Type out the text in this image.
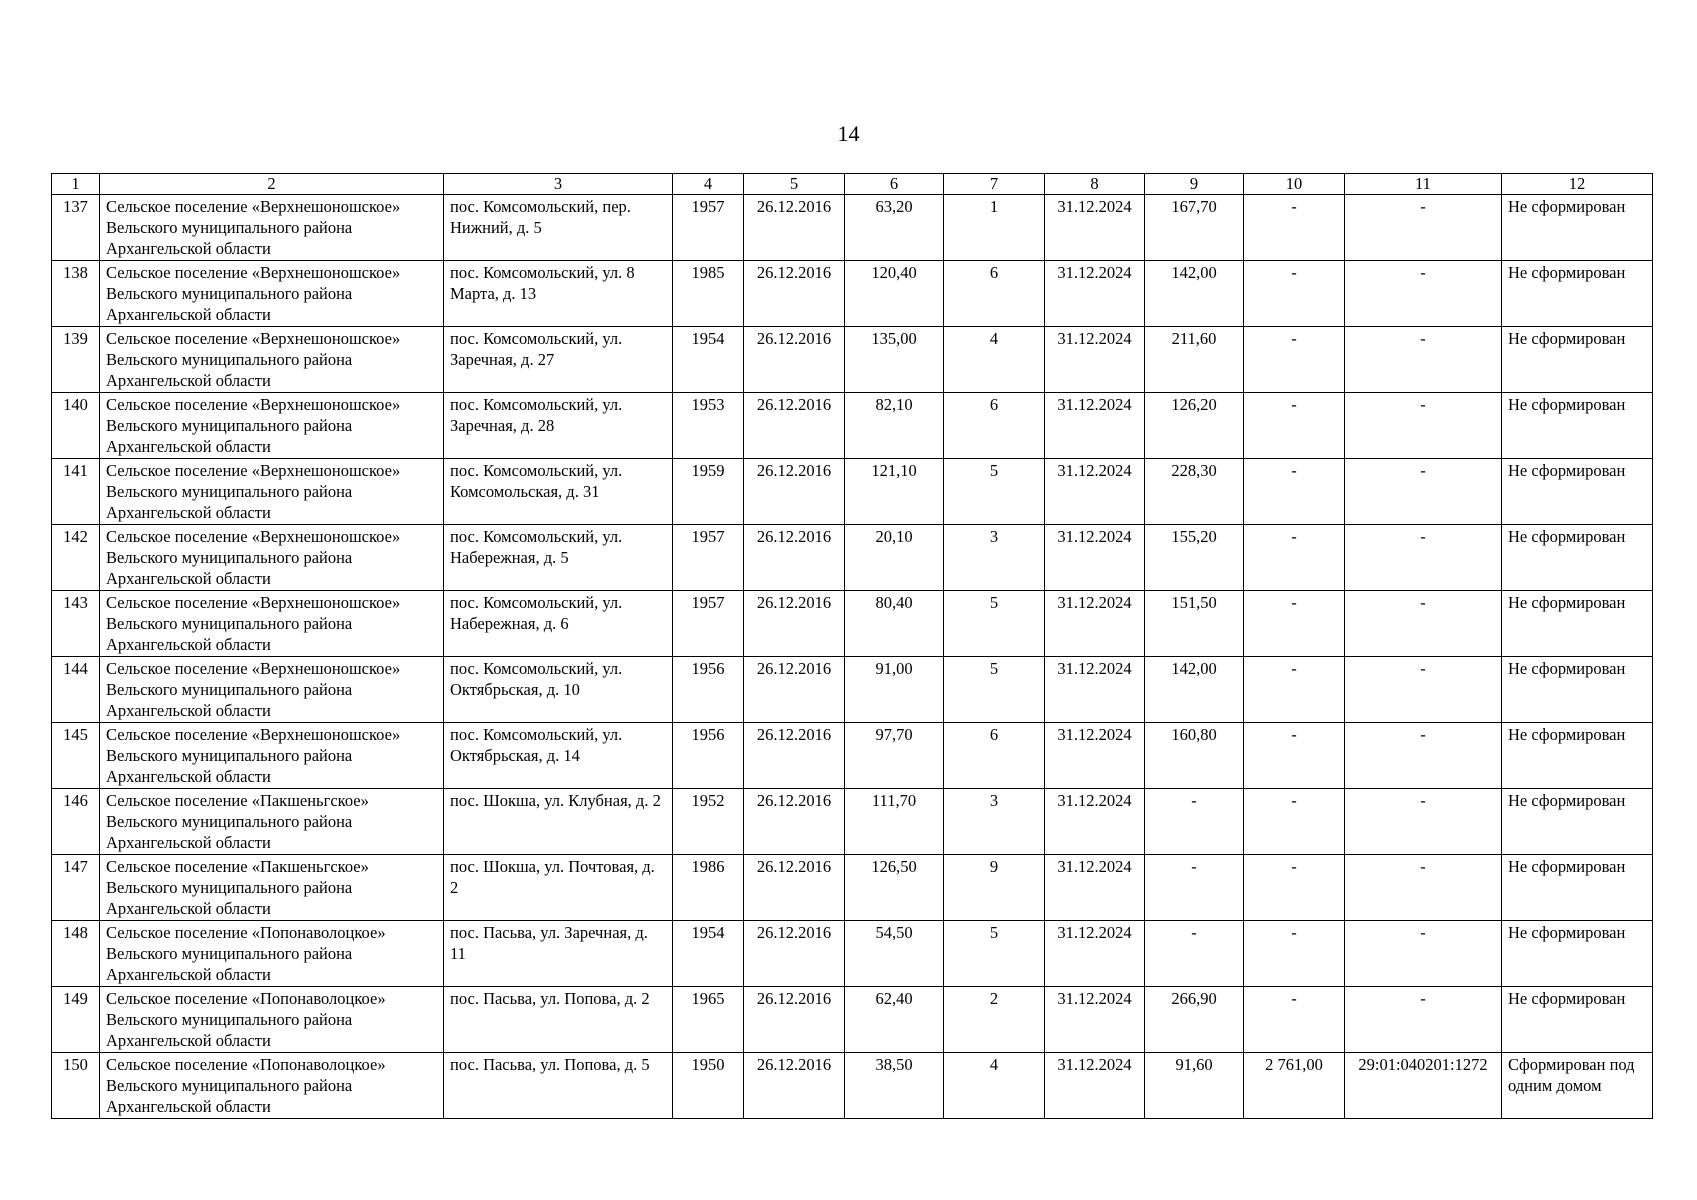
14
1	2	3	4	5	6	7	8	9	10	11	12
137	Сельское поселение «Верхнешоношское» Вельского муниципального района Архангельской области	пос. Комсомольский, пер. Нижний, д. 5	1957	26.12.2016	63,20	1	31.12.2024	167,70	-	-	Не сформирован
138	Сельское поселение «Верхнешоношское» Вельского муниципального района Архангельской области	пос. Комсомольский, ул. 8 Марта, д. 13	1985	26.12.2016	120,40	6	31.12.2024	142,00	-	-	Не сформирован
139	Сельское поселение «Верхнешоношское» Вельского муниципального района Архангельской области	пос. Комсомольский, ул. Заречная, д. 27	1954	26.12.2016	135,00	4	31.12.2024	211,60	-	-	Не сформирован
140	Сельское поселение «Верхнешоношское» Вельского муниципального района Архангельской области	пос. Комсомольский, ул. Заречная, д. 28	1953	26.12.2016	82,10	6	31.12.2024	126,20	-	-	Не сформирован
141	Сельское поселение «Верхнешоношское» Вельского муниципального района Архангельской области	пос. Комсомольский, ул. Комсомольская, д. 31	1959	26.12.2016	121,10	5	31.12.2024	228,30	-	-	Не сформирован
142	Сельское поселение «Верхнешоношское» Вельского муниципального района Архангельской области	пос. Комсомольский, ул. Набережная, д. 5	1957	26.12.2016	20,10	3	31.12.2024	155,20	-	-	Не сформирован
143	Сельское поселение «Верхнешоношское» Вельского муниципального района Архангельской области	пос. Комсомольский, ул. Набережная, д. 6	1957	26.12.2016	80,40	5	31.12.2024	151,50	-	-	Не сформирован
144	Сельское поселение «Верхнешоношское» Вельского муниципального района Архангельской области	пос. Комсомольский, ул. Октябрьская, д. 10	1956	26.12.2016	91,00	5	31.12.2024	142,00	-	-	Не сформирован
145	Сельское поселение «Верхнешоношское» Вельского муниципального района Архангельской области	пос. Комсомольский, ул. Октябрьская, д. 14	1956	26.12.2016	97,70	6	31.12.2024	160,80	-	-	Не сформирован
146	Сельское поселение «Пакшеньгское» Вельского муниципального района Архангельской области	пос. Шокша, ул. Клубная, д. 2	1952	26.12.2016	111,70	3	31.12.2024	-	-	-	Не сформирован
147	Сельское поселение «Пакшеньгское» Вельского муниципального района Архангельской области	пос. Шокша, ул. Почтовая, д. 2	1986	26.12.2016	126,50	9	31.12.2024	-	-	-	Не сформирован
148	Сельское поселение «Попонаволоцкое» Вельского муниципального района Архангельской области	пос. Пасьва, ул. Заречная, д. 11	1954	26.12.2016	54,50	5	31.12.2024	-	-	-	Не сформирован
149	Сельское поселение «Попонаволоцкое» Вельского муниципального района Архангельской области	пос. Пасьва, ул. Попова, д. 2	1965	26.12.2016	62,40	2	31.12.2024	266,90	-	-	Не сформирован
150	Сельское поселение «Попонаволоцкое» Вельского муниципального района Архангельской области	пос. Пасьва, ул. Попова, д. 5	1950	26.12.2016	38,50	4	31.12.2024	91,60	2 761,00	29:01:040201:1272	Сформирован под одним домом
